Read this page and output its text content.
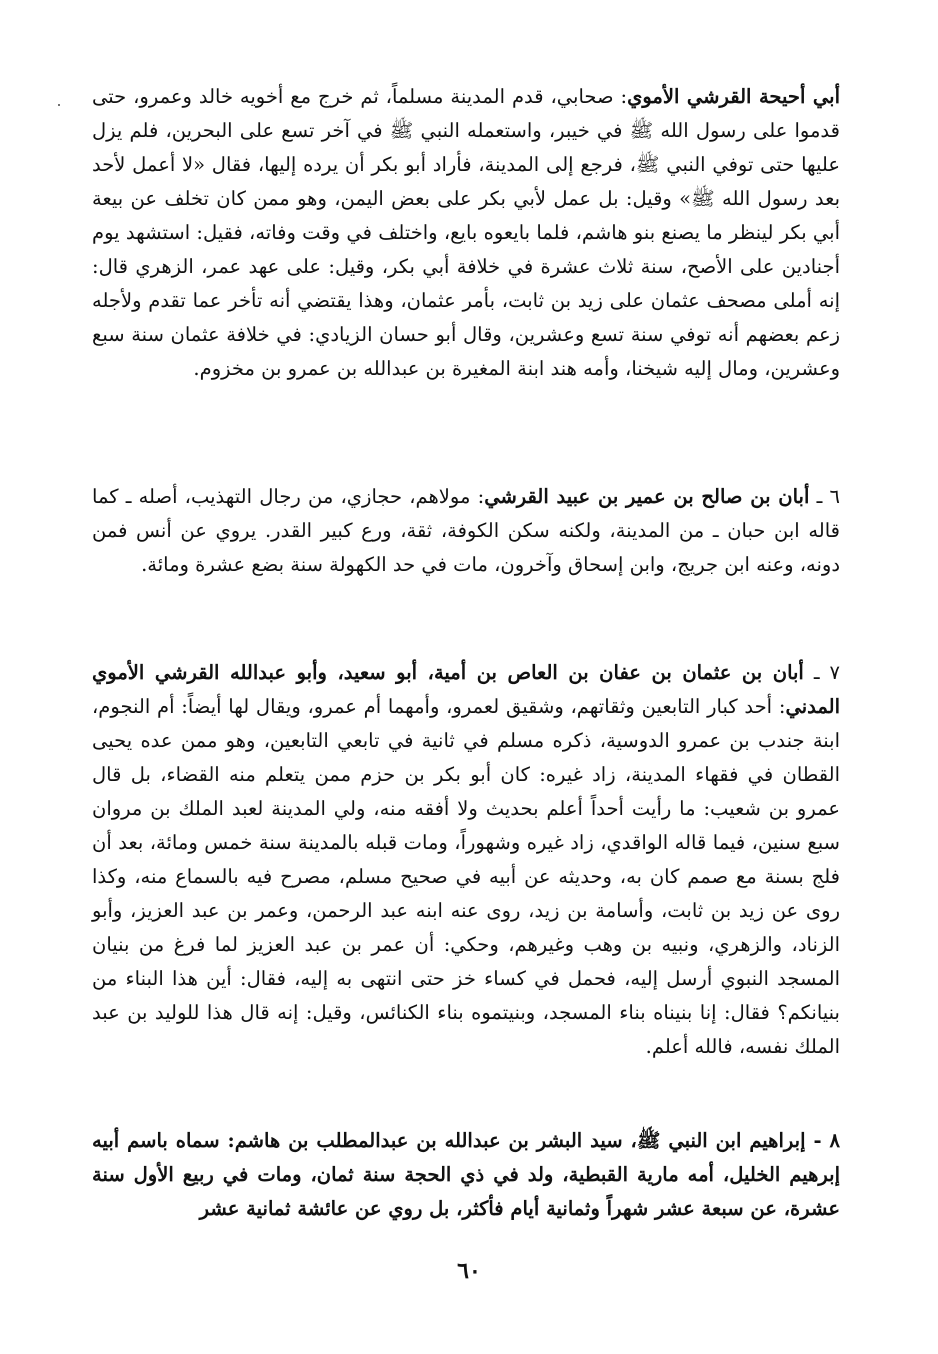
أبي أحيحة القرشي الأموي: صحابي، قدم المدينة مسلماً، ثم خرج مع أخويه خالد وعمرو، حتى قدموا على رسول الله ﷺ في خيبر، واستعمله النبي ﷺ في آخر تسع على البحرين، فلم يزل عليها حتى توفي النبي ﷺ، فرجع إلى المدينة، فأراد أبو بكر أن يرده إليها، فقال «لا أعمل لأحد بعد رسول الله ﷺ» وقيل: بل عمل لأبي بكر على بعض اليمن، وهو ممن كان تخلف عن بيعة أبي بكر لينظر ما يصنع بنو هاشم، فلما بايعوه بايع، واختلف في وقت وفاته، فقيل: استشهد يوم أجنادين على الأصح، سنة ثلاث عشرة في خلافة أبي بكر، وقيل: على عهد عمر، الزهري قال: إنه أملى مصحف عثمان على زيد بن ثابت، بأمر عثمان، وهذا يقتضي أنه تأخر عما تقدم ولأجله زعم بعضهم أنه توفي سنة تسع وعشرين، وقال أبو حسان الزيادي: في خلافة عثمان سنة سبع وعشرين، ومال إليه شيخنا، وأمه هند ابنة المغيرة بن عبدالله بن عمرو بن مخزوم.
٦ ـ أبان بن صالح بن عمير بن عبيد القرشي: مولاهم، حجازي، من رجال التهذيب، أصله ـ كما قاله ابن حبان ـ من المدينة، ولكنه سكن الكوفة، ثقة، ورع كبير القدر. يروي عن أنس فمن دونه، وعنه ابن جريج، وابن إسحاق وآخرون، مات في حد الكهولة سنة بضع عشرة ومائة.
٧ ـ أبان بن عثمان بن عفان بن العاص بن أمية، أبو سعيد، وأبو عبدالله القرشي الأموي المدني: أحد كبار التابعين وثقاتهم، وشقيق لعمرو، وأمهما أم عمرو، ويقال لها أيضاً: أم النجوم، ابنة جندب بن عمرو الدوسية، ذكره مسلم في ثانية في تابعي التابعين، وهو ممن عده يحيى القطان في فقهاء المدينة، زاد غيره: كان أبو بكر بن حزم ممن يتعلم منه القضاء، بل قال عمرو بن شعيب: ما رأيت أحداً أعلم بحديث ولا أفقه منه، ولي المدينة لعبد الملك بن مروان سبع سنين، فيما قاله الواقدي، زاد غيره وشهوراً، ومات قبله بالمدينة سنة خمس ومائة، بعد أن فلج بسنة مع صمم كان به، وحديثه عن أبيه في صحيح مسلم، مصرح فيه بالسماع منه، وكذا روى عن زيد بن ثابت، وأسامة بن زيد، روى عنه ابنه عبد الرحمن، وعمر بن عبد العزيز، وأبو الزناد، والزهري، ونبيه بن وهب وغيرهم، وحكي: أن عمر بن عبد العزيز لما فرغ من بنيان المسجد النبوي أرسل إليه، فحمل في كساء خز حتى انتهى به إليه، فقال: أين هذا البناء من بنيانكم؟ فقال: إنا بنيناه بناء المسجد، وبنيتموه بناء الكنائس، وقيل: إنه قال هذا للوليد بن عبد الملك نفسه، فالله أعلم.
٨ - إبراهيم ابن النبي ﷺ، سيد البشر بن عبدالله بن عبدالمطلب بن هاشم: سماه باسم أبيه إبرهيم الخليل، أمه مارية القبطية، ولد في ذي الحجة سنة ثمان، ومات في ربيع الأول سنة عشرة، عن سبعة عشر شهراً وثمانية أيام فأكثر، بل روي عن عائشة ثمانية عشر
٦٠
